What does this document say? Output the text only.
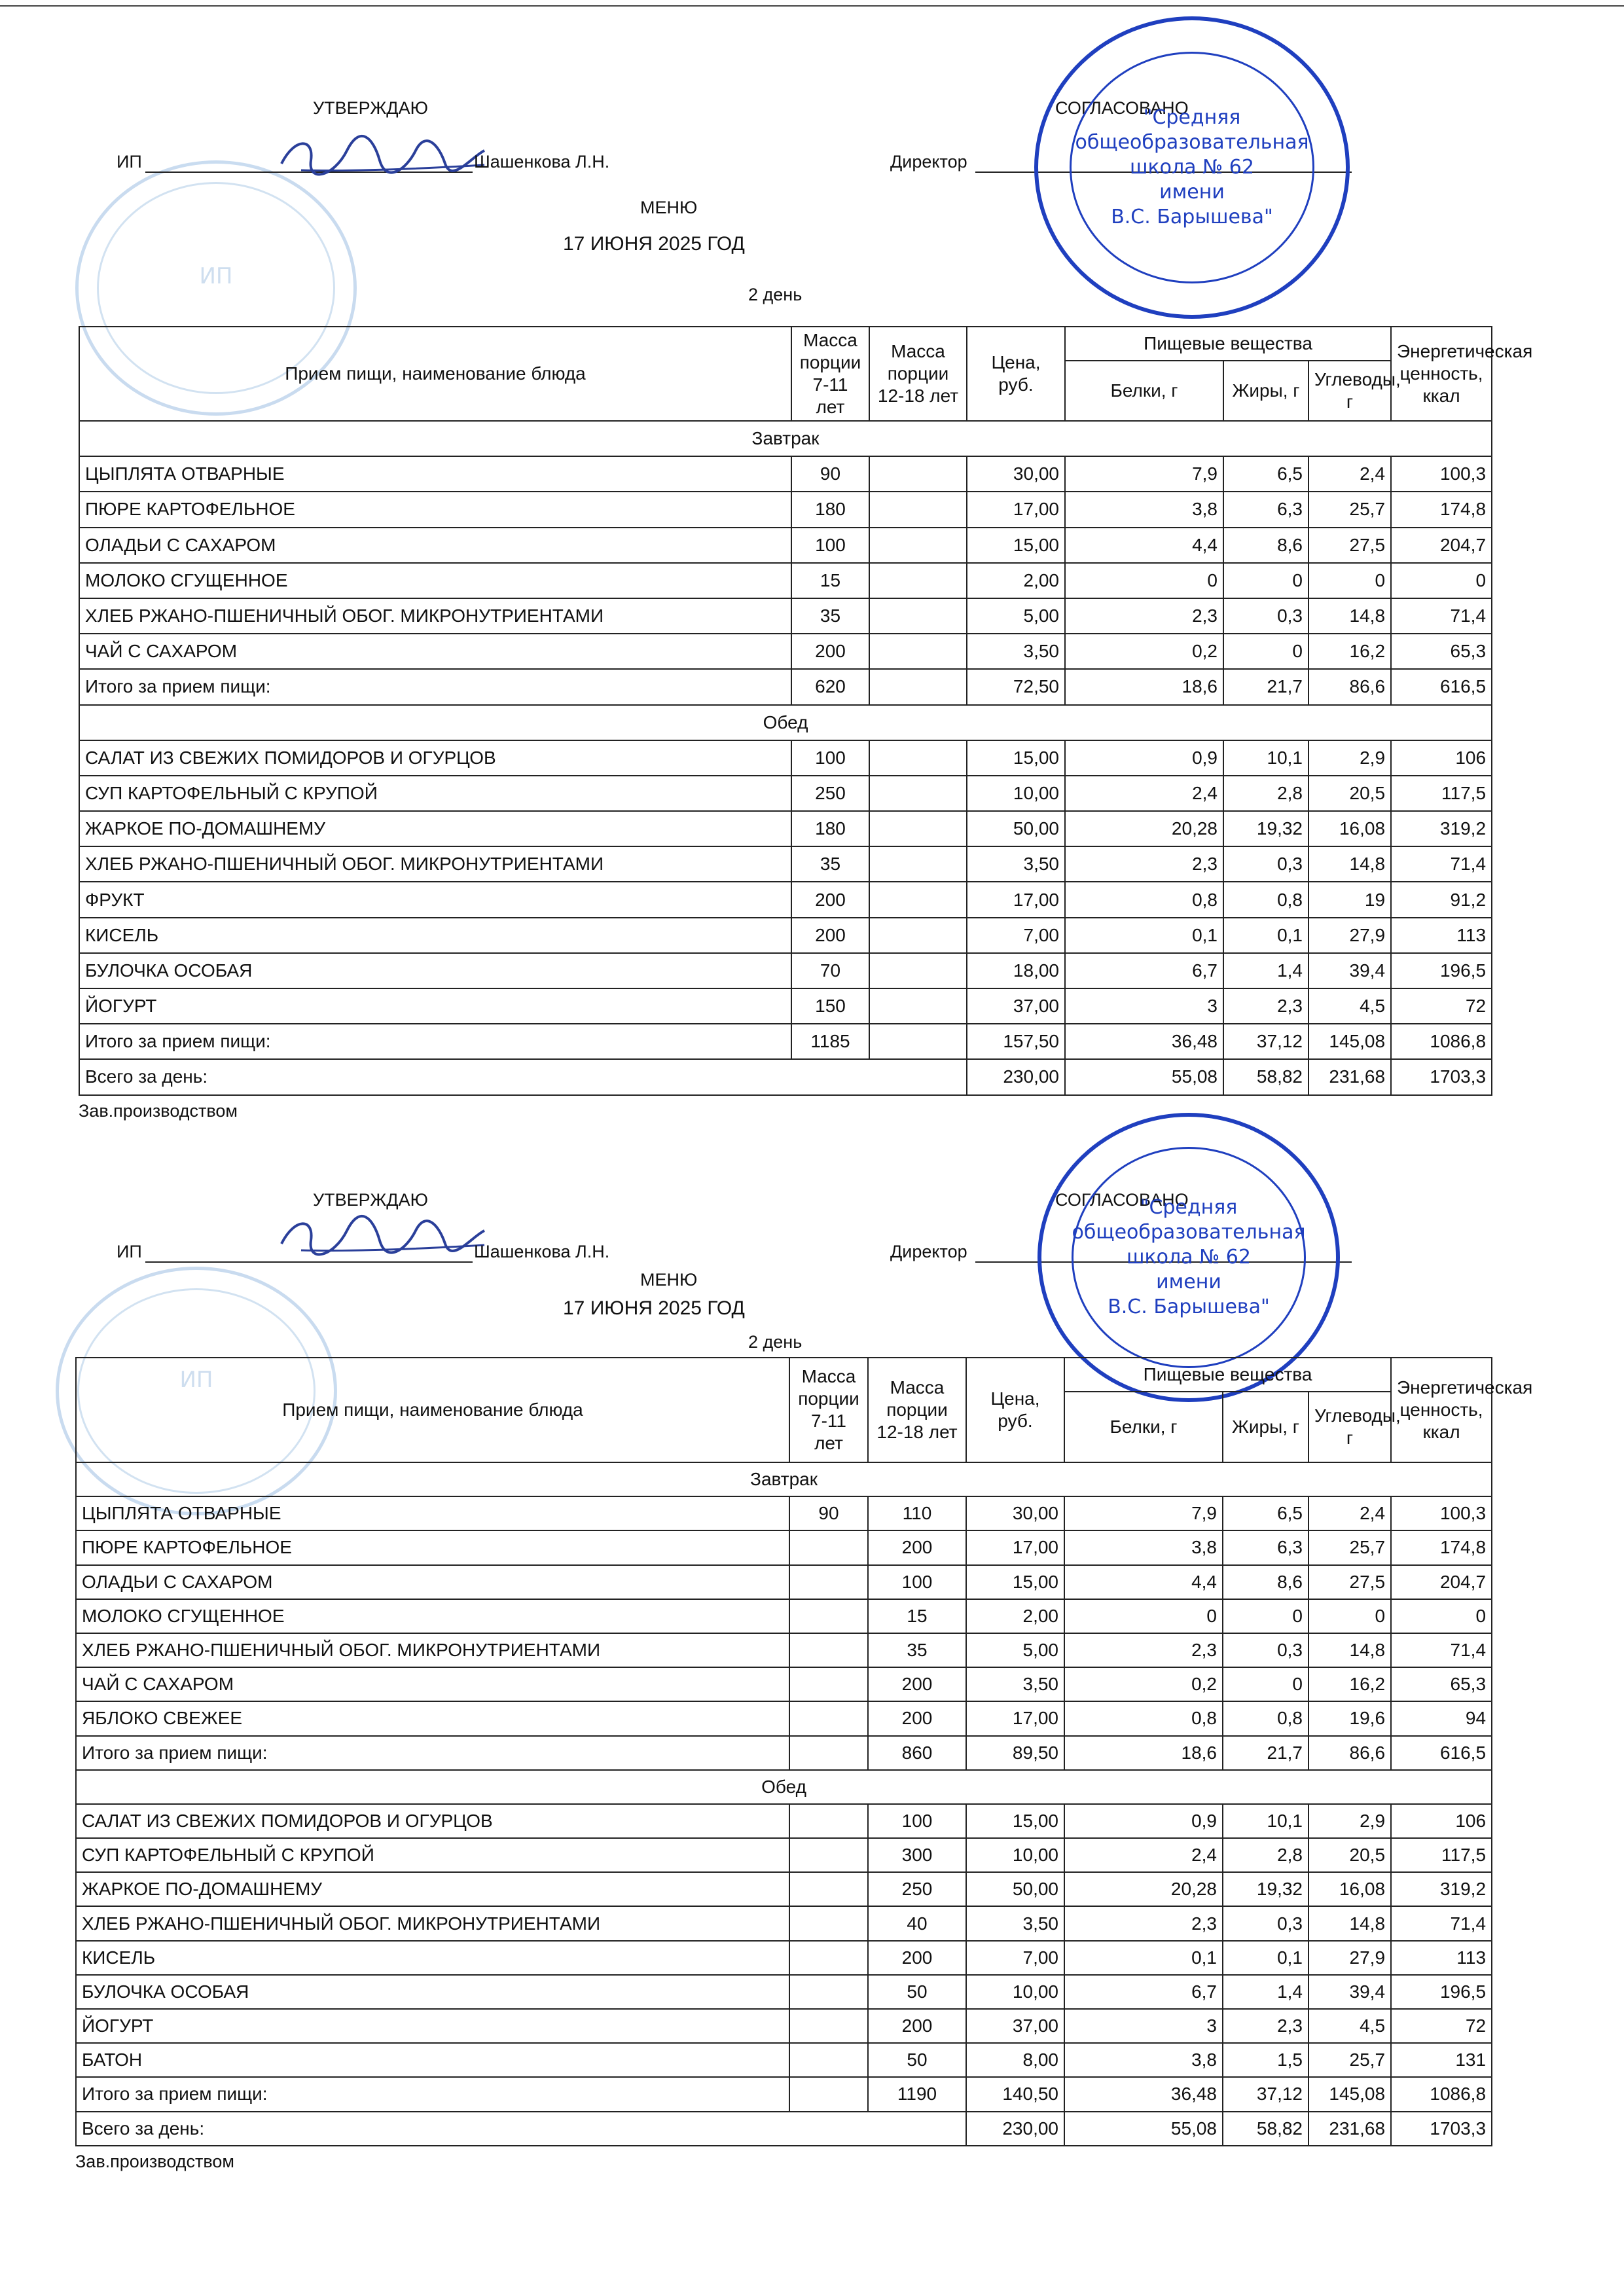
ИП
УТВЕРЖДАЮ	СОГЛАСОВАНО
ИП	Шашенкова Л.Н.	Директор
"Средняя
общеобразовательная
школа № 62
имени
В.С. Барышева"
МЕНЮ
17 ИЮНЯ 2025 ГОД
2 день
Прием пищи, наименование блюда	Масса порции 7-11 лет	Масса порции 12-18 лет	Цена, руб.	Пищевые вещества			Энергетическая ценность, ккал
				Белки, г	Жиры, г	Углеводы, г	
Завтрак							
ЦЫПЛЯТА ОТВАРНЫЕ	90		30,00	7,9	6,5	2,4	100,3
ПЮРЕ КАРТОФЕЛЬНОЕ	180		17,00	3,8	6,3	25,7	174,8
ОЛАДЬИ С САХАРОМ	100		15,00	4,4	8,6	27,5	204,7
МОЛОКО СГУЩЕННОЕ	15		2,00	0	0	0	0
ХЛЕБ РЖАНО-ПШЕНИЧНЫЙ ОБОГ. МИКРОНУТРИЕНТАМИ	35		5,00	2,3	0,3	14,8	71,4
ЧАЙ С САХАРОМ	200		3,50	0,2	0	16,2	65,3
Итого за прием пищи:	620		72,50	18,6	21,7	86,6	616,5
Обед							
САЛАТ ИЗ СВЕЖИХ ПОМИДОРОВ И ОГУРЦОВ	100		15,00	0,9	10,1	2,9	106
СУП КАРТОФЕЛЬНЫЙ С КРУПОЙ	250		10,00	2,4	2,8	20,5	117,5
ЖАРКОЕ ПО-ДОМАШНЕМУ	180		50,00	20,28	19,32	16,08	319,2
ХЛЕБ РЖАНО-ПШЕНИЧНЫЙ ОБОГ. МИКРОНУТРИЕНТАМИ	35		3,50	2,3	0,3	14,8	71,4
ФРУКТ	200		17,00	0,8	0,8	19	91,2
КИСЕЛЬ	200		7,00	0,1	0,1	27,9	113
БУЛОЧКА ОСОБАЯ	70		18,00	6,7	1,4	39,4	196,5
ЙОГУРТ	150		37,00	3	2,3	4,5	72
Итого за прием пищи:	1185		157,50	36,48	37,12	145,08	1086,8
Всего за день:			230,00	55,08	58,82	231,68	1703,3
Зав.производством
ИП
УТВЕРЖДАЮ	СОГЛАСОВАНО
ИП	Шашенкова Л.Н.	Директор
"Средняя
общеобразовательная
школа № 62
имени
В.С. Барышева"
МЕНЮ
17 ИЮНЯ 2025 ГОД
2 день
Прием пищи, наименование блюда	Масса порции 7-11 лет	Масса порции 12-18 лет	Цена, руб.	Пищевые вещества			Энергетическая ценность, ккал
				Белки, г	Жиры, г	Углеводы, г	
Завтрак							
ЦЫПЛЯТА ОТВАРНЫЕ	90	110	30,00	7,9	6,5	2,4	100,3
ПЮРЕ КАРТОФЕЛЬНОЕ		200	17,00	3,8	6,3	25,7	174,8
ОЛАДЬИ С САХАРОМ		100	15,00	4,4	8,6	27,5	204,7
МОЛОКО СГУЩЕННОЕ		15	2,00	0	0	0	0
ХЛЕБ РЖАНО-ПШЕНИЧНЫЙ ОБОГ. МИКРОНУТРИЕНТАМИ		35	5,00	2,3	0,3	14,8	71,4
ЧАЙ С САХАРОМ		200	3,50	0,2	0	16,2	65,3
ЯБЛОКО СВЕЖЕЕ		200	17,00	0,8	0,8	19,6	94
Итого за прием пищи:		860	89,50	18,6	21,7	86,6	616,5
Обед							
САЛАТ ИЗ СВЕЖИХ ПОМИДОРОВ И ОГУРЦОВ		100	15,00	0,9	10,1	2,9	106
СУП КАРТОФЕЛЬНЫЙ С КРУПОЙ		300	10,00	2,4	2,8	20,5	117,5
ЖАРКОЕ ПО-ДОМАШНЕМУ		250	50,00	20,28	19,32	16,08	319,2
ХЛЕБ РЖАНО-ПШЕНИЧНЫЙ ОБОГ. МИКРОНУТРИЕНТАМИ		40	3,50	2,3	0,3	14,8	71,4
КИСЕЛЬ		200	7,00	0,1	0,1	27,9	113
БУЛОЧКА ОСОБАЯ		50	10,00	6,7	1,4	39,4	196,5
ЙОГУРТ		200	37,00	3	2,3	4,5	72
БАТОН		50	8,00	3,8	1,5	25,7	131
Итого за прием пищи:		1190	140,50	36,48	37,12	145,08	1086,8
Всего за день:			230,00	55,08	58,82	231,68	1703,3
Зав.производством
